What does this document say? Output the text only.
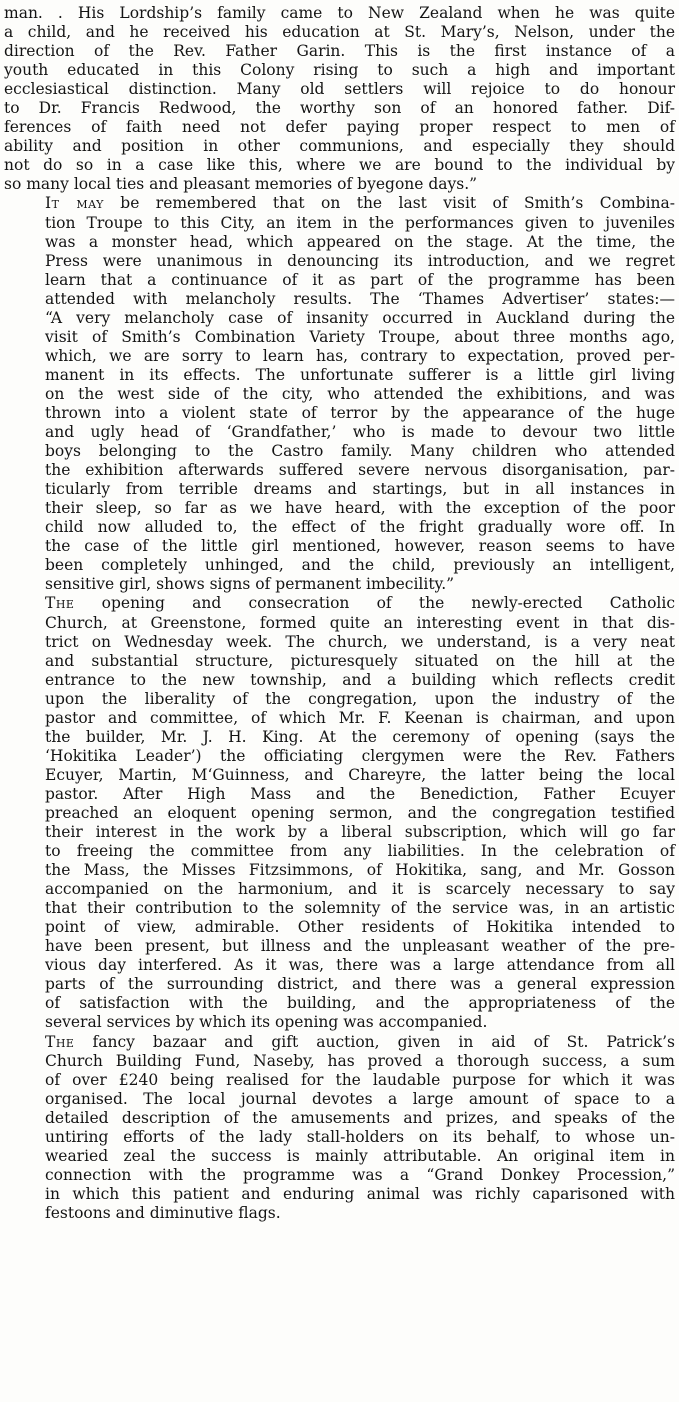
man. . His Lordship’s family came to New Zealand when he was quite
a child, and he received his education at St. Mary’s, Nelson, under the
direction of the Rev. Father Garin. This is the first instance of a
youth educated in this Colony rising to such a high and important
ecclesiastical distinction. Many old settlers will rejoice to do honour
to Dr. Francis Redwood, the worthy son of an honored father. Dif-
ferences of faith need not defer paying proper respect to men of
ability and position in other communions, and especially they should
not do so in a case like this, where we are bound to the individual by
so many local ties and pleasant memories of byegone days.”
It may be remembered that on the last visit of Smith’s Combina-
tion Troupe to this City, an item in the performances given to juveniles
was a monster head, which appeared on the stage. At the time, the
Press were unanimous in denouncing its introduction, and we regret
learn that a continuance of it as part of the programme has been
attended with melancholy results. The ‘Thames Advertiser’ states:—
“A very melancholy case of insanity occurred in Auckland during the
visit of Smith’s Combination Variety Troupe, about three months ago,
which, we are sorry to learn has, contrary to expectation, proved per-
manent in its effects. The unfortunate sufferer is a little girl living
on the west side of the city, who attended the exhibitions, and was
thrown into a violent state of terror by the appearance of the huge
and ugly head of ‘Grandfather,’ who is made to devour two little
boys belonging to the Castro family. Many children who attended
the exhibition afterwards suffered severe nervous disorganisation, par-
ticularly from terrible dreams and startings, but in all instances in
their sleep, so far as we have heard, with the exception of the poor
child now alluded to, the effect of the fright gradually wore off. In
the case of the little girl mentioned, however, reason seems to have
been completely unhinged, and the child, previously an intelligent,
sensitive girl, shows signs of permanent imbecility.”
The opening and consecration of the newly-erected Catholic
Church, at Greenstone, formed quite an interesting event in that dis-
trict on Wednesday week. The church, we understand, is a very neat
and substantial structure, picturesquely situated on the hill at the
entrance to the new township, and a building which reflects credit
upon the liberality of the congregation, upon the industry of the
pastor and committee, of which Mr. F. Keenan is chairman, and upon
the builder, Mr. J. H. King. At the ceremony of opening (says the
‘Hokitika Leader’) the officiating clergymen were the Rev. Fathers
Ecuyer, Martin, M‘Guinness, and Chareyre, the latter being the local
pastor. After High Mass and the Benediction, Father Ecuyer
preached an eloquent opening sermon, and the congregation testified
their interest in the work by a liberal subscription, which will go far
to freeing the committee from any liabilities. In the celebration of
the Mass, the Misses Fitzsimmons, of Hokitika, sang, and Mr. Gosson
accompanied on the harmonium, and it is scarcely necessary to say
that their contribution to the solemnity of the service was, in an artistic
point of view, admirable. Other residents of Hokitika intended to
have been present, but illness and the unpleasant weather of the pre-
vious day interfered. As it was, there was a large attendance from all
parts of the surrounding district, and there was a general expression
of satisfaction with the building, and the appropriateness of the
several services by which its opening was accompanied.
The fancy bazaar and gift auction, given in aid of St. Patrick’s
Church Building Fund, Naseby, has proved a thorough success, a sum
of over £240 being realised for the laudable purpose for which it was
organised. The local journal devotes a large amount of space to a
detailed description of the amusements and prizes, and speaks of the
untiring efforts of the lady stall-holders on its behalf, to whose un-
wearied zeal the success is mainly attributable. An original item in
connection with the programme was a “Grand Donkey Procession,”
in which this patient and enduring animal was richly caparisoned with
festoons and diminutive flags.
